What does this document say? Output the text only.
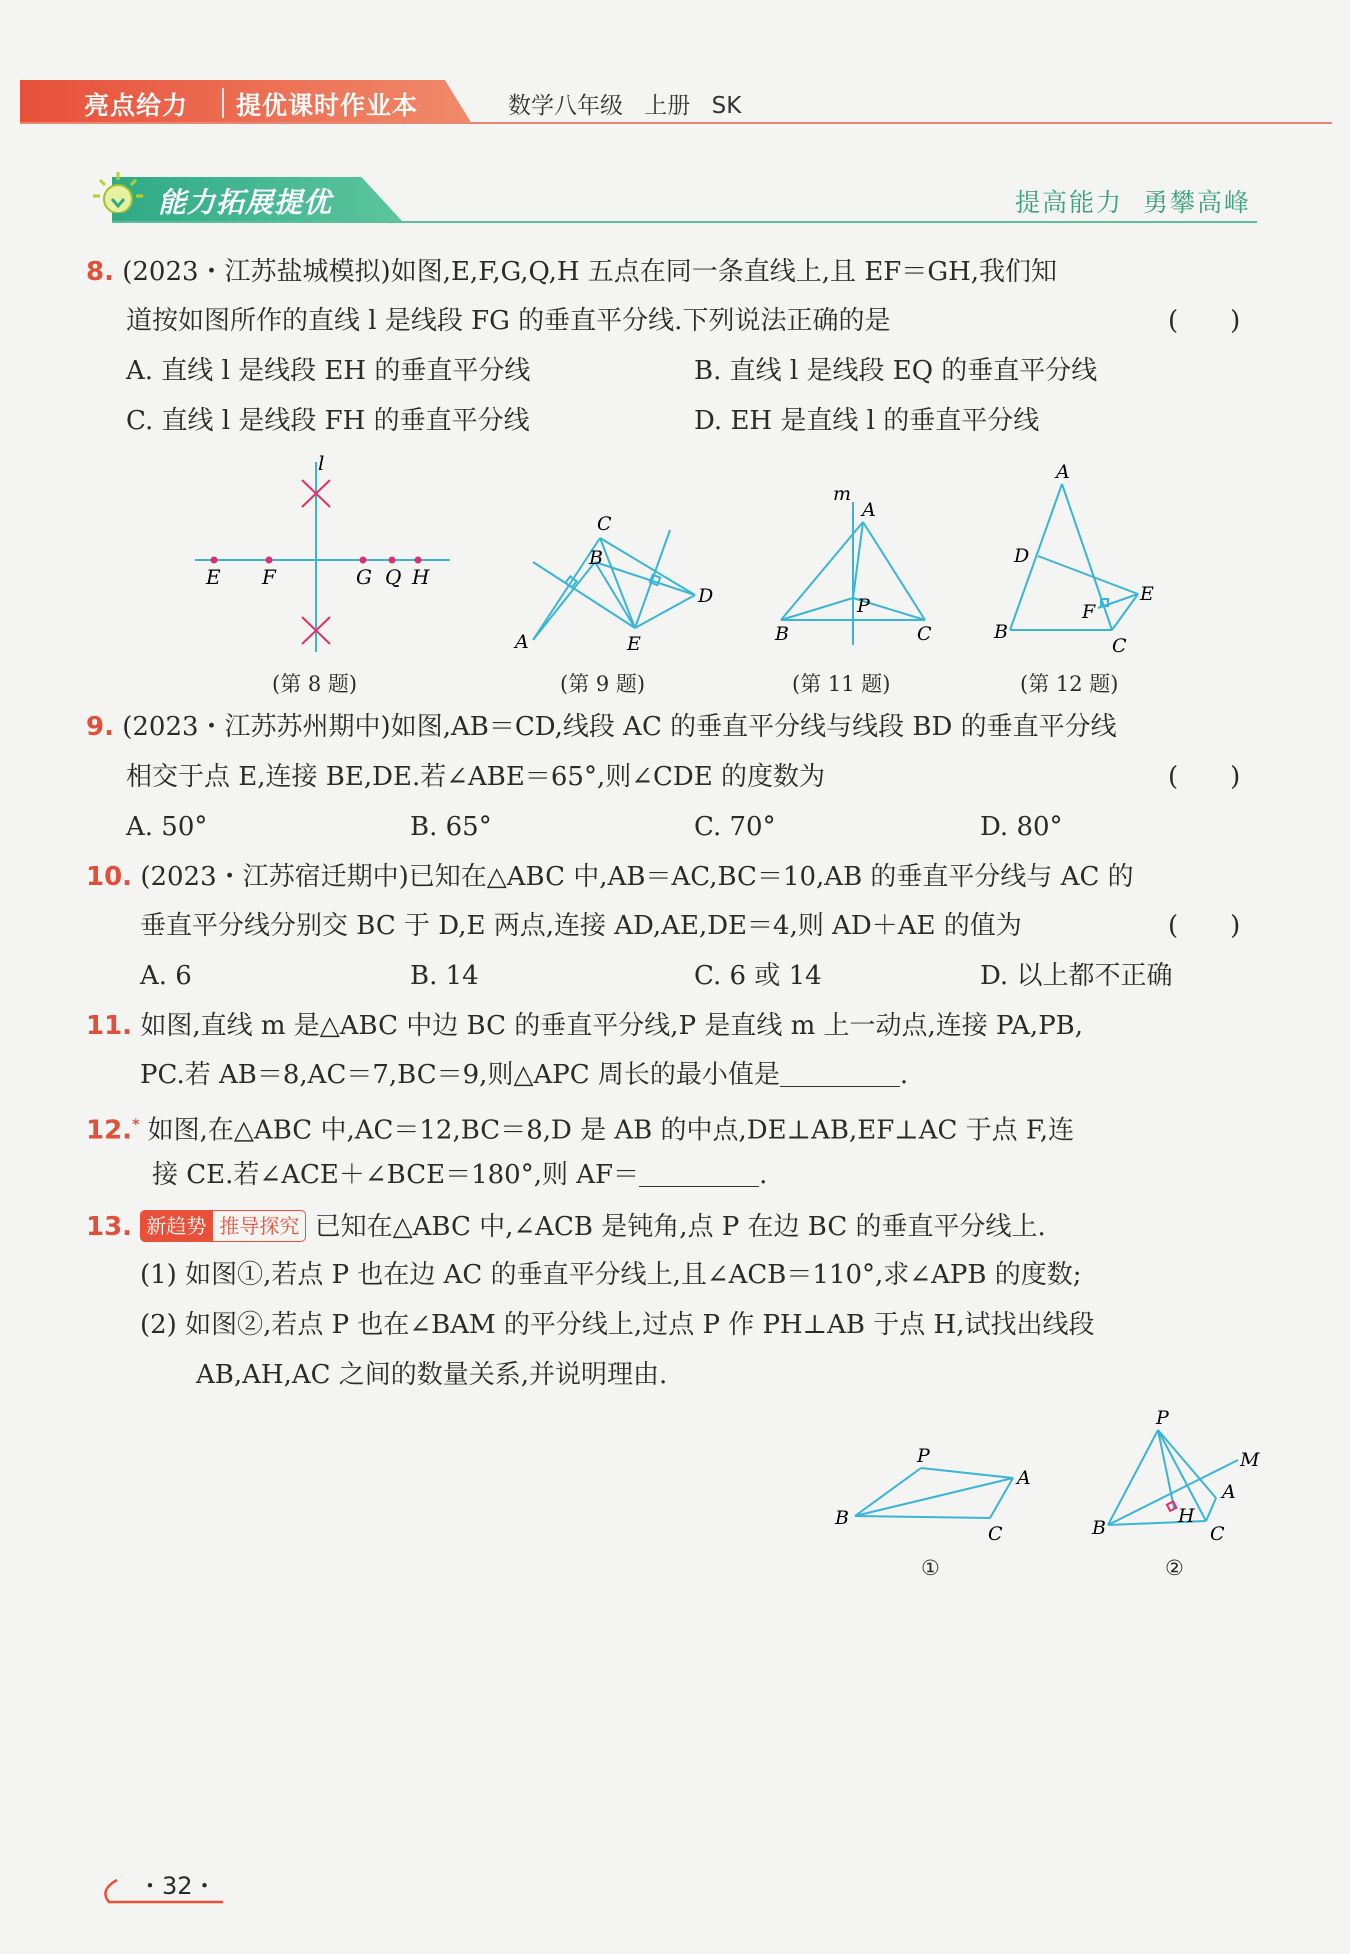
亮点给力 提优课时作业本	数学八年级 上册 SK
能力拓展提优	提高能力 勇攀高峰
8. (2023・江苏盐城模拟)如图,E,F,G,Q,H 五点在同一条直线上,且 EF＝GH,我们知
道按如图所作的直线 l 是线段 FG 的垂直平分线.下列说法正确的是	(　　)
A. 直线 l 是线段 EH 的垂直平分线	B. 直线 l 是线段 EQ 的垂直平分线
C. 直线 l 是线段 FH 的垂直平分线	D. EH 是直线 l 的垂直平分线
l
E F	G Q H
(第 8 题)
C
B
D
A	E
(第 9 题)
m
A
P
B	C
(第 11 题)
A
D
E
F
B
C
(第 12 题)
9. (2023・江苏苏州期中)如图,AB＝CD,线段 AC 的垂直平分线与线段 BD 的垂直平分线
相交于点 E,连接 BE,DE.若∠ABE＝65°,则∠CDE 的度数为	(　　)
A. 50°	B. 65°	C. 70°	D. 80°
10. (2023・江苏宿迁期中)已知在△ABC 中,AB＝AC,BC＝10,AB 的垂直平分线与 AC 的
垂直平分线分别交 BC 于 D,E 两点,连接 AD,AE,DE＝4,则 AD＋AE 的值为	(　　)
A. 6	B. 14	C. 6 或 14	D. 以上都不正确
11. 如图,直线 m 是△ABC 中边 BC 的垂直平分线,P 是直线 m 上一动点,连接 PA,PB,
PC.若 AB＝8,AC＝7,BC＝9,则△APC 周长的最小值是	.
12.* 如图,在△ABC 中,AC＝12,BC＝8,D 是 AB 的中点,DE⊥AB,EF⊥AC 于点 F,连
接 CE.若∠ACE＋∠BCE＝180°,则 AF＝	.
13. 新趋势 推导探究 已知在△ABC 中,∠ACB 是钝角,点 P 在边 BC 的垂直平分线上.
(1) 如图①,若点 P 也在边 AC 的垂直平分线上,且∠ACB＝110°,求∠APB 的度数;
(2) 如图②,若点 P 也在∠BAM 的平分线上,过点 P 作 PH⊥AB 于点 H,试找出线段
AB,AH,AC 之间的数量关系,并说明理由.
P
A
B
C
①
P
M
A
B
H
C
②
・32・
